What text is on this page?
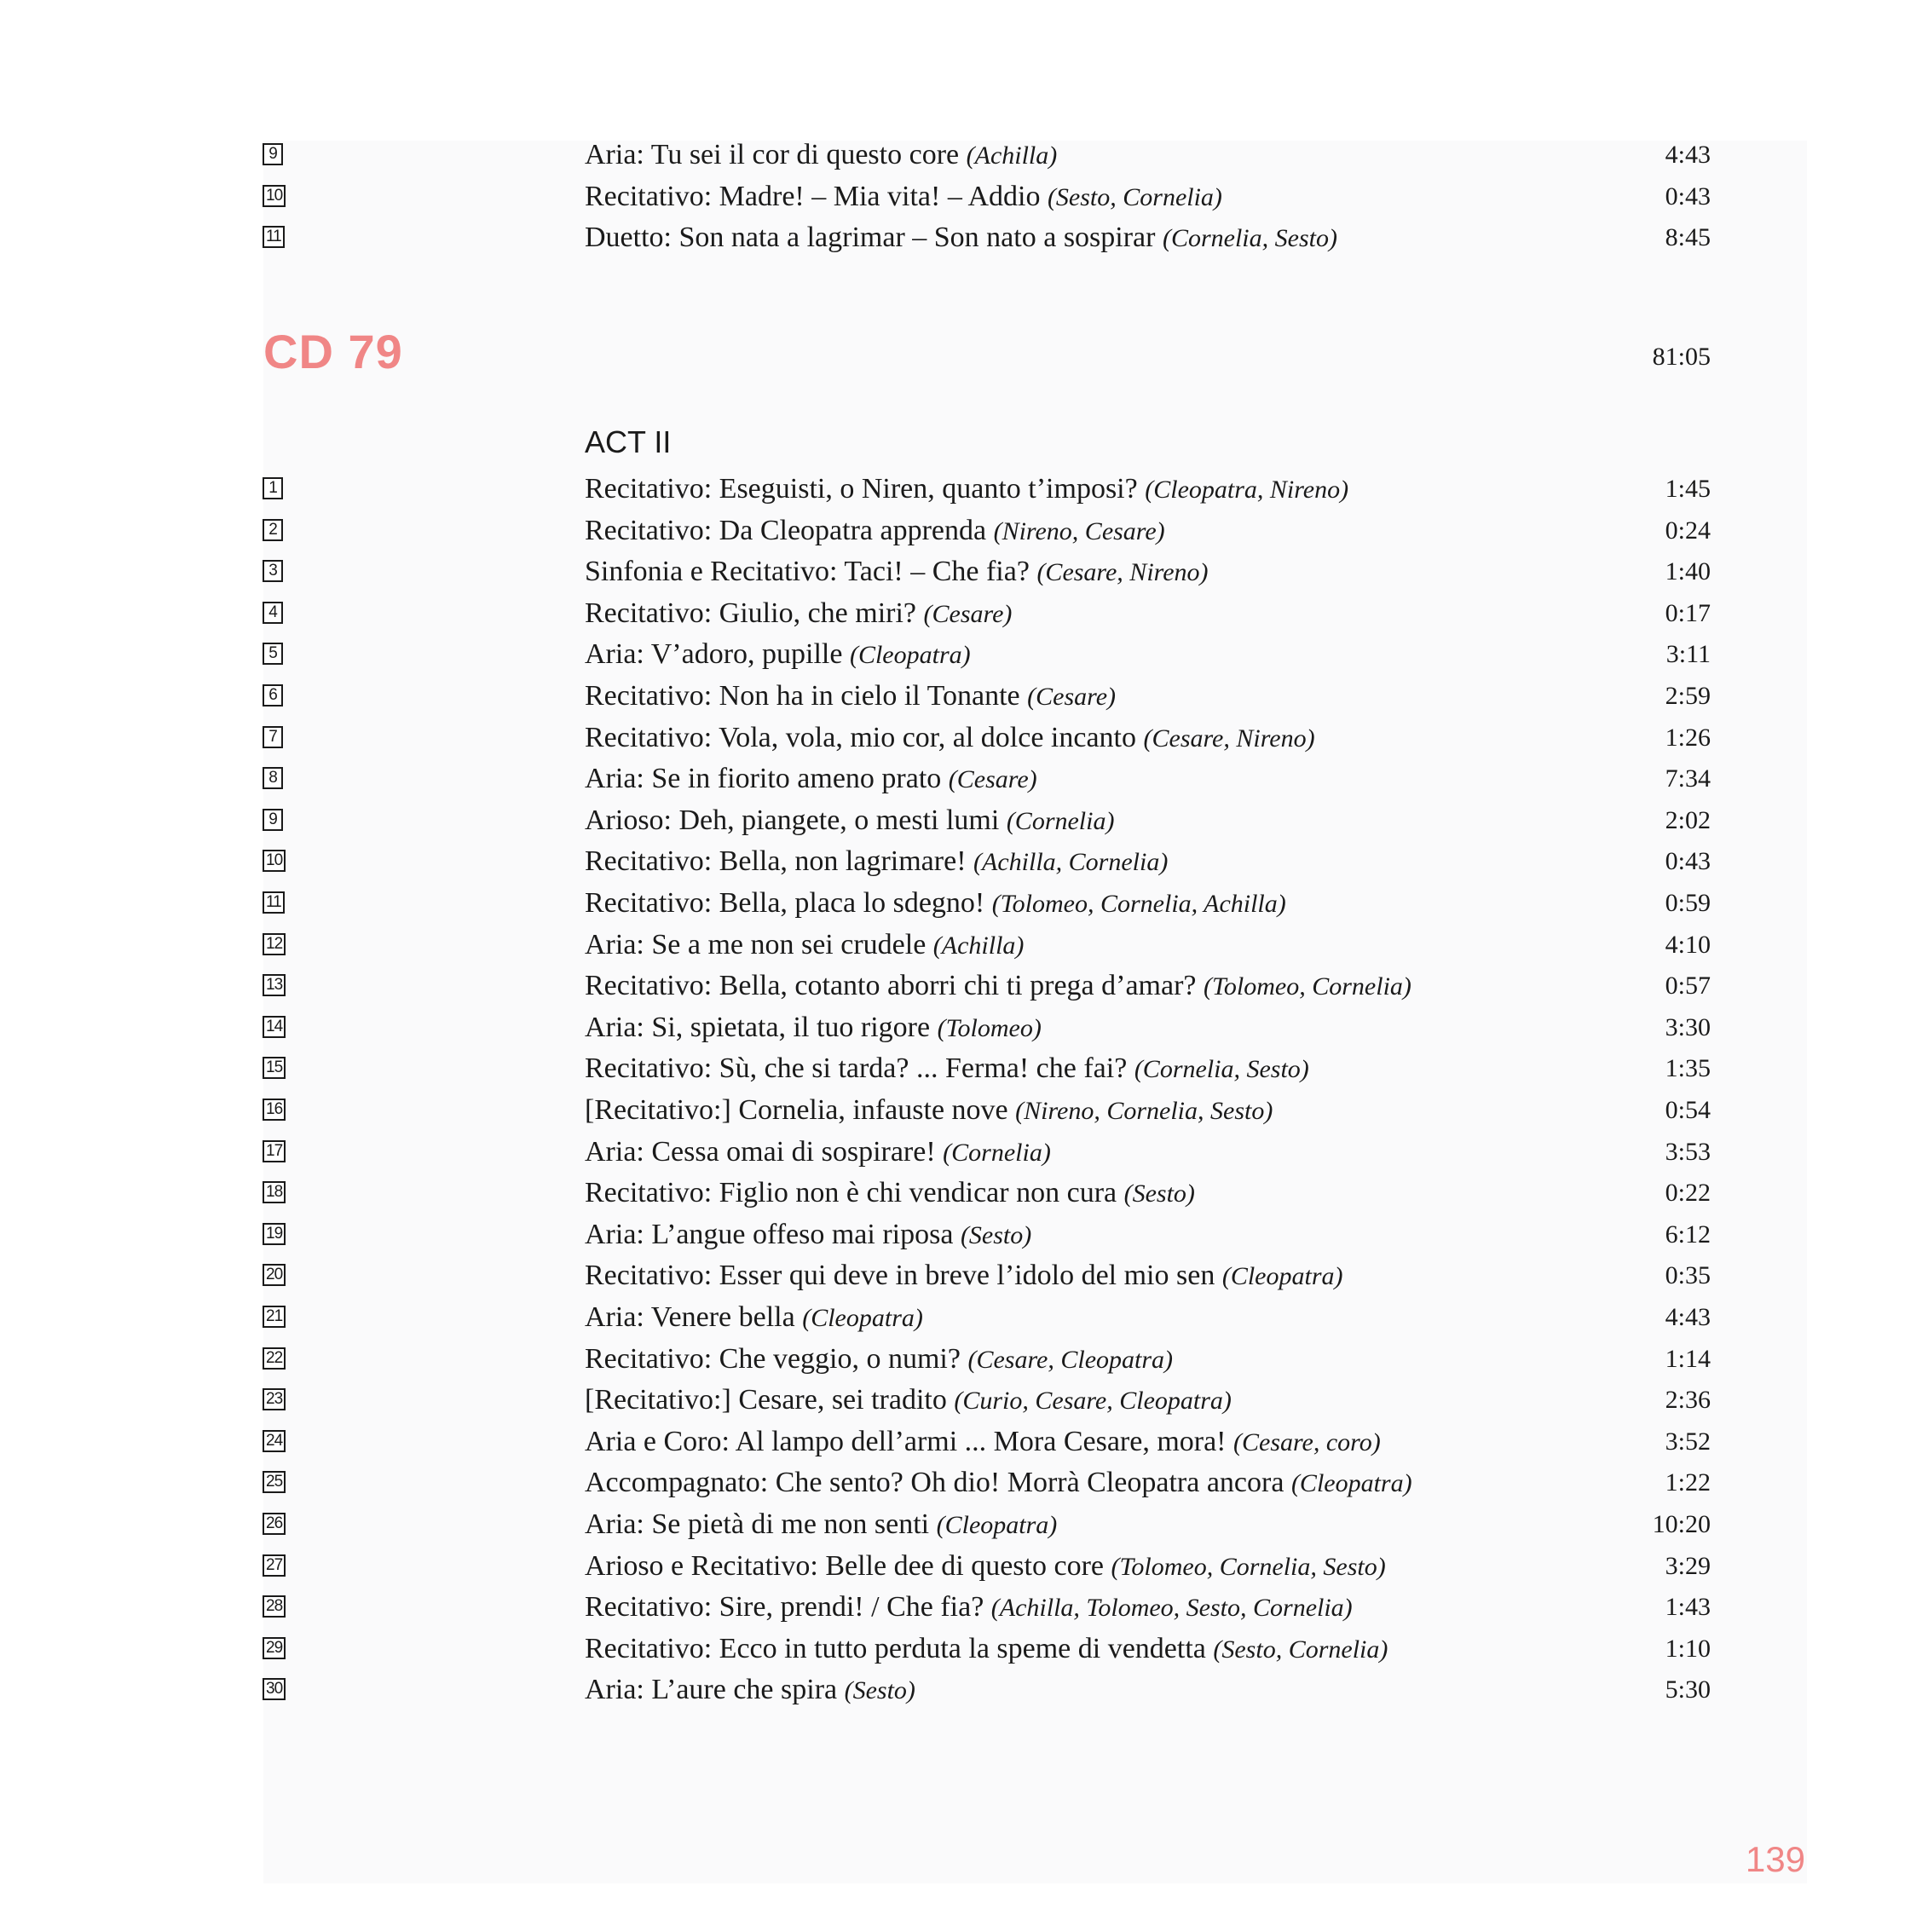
9	Aria: Tu sei il cor di questo core (Achilla)	4:43
10	Recitativo: Madre! – Mia vita! – Addio (Sesto, Cornelia)	0:43
11	Duetto: Son nata a lagrimar – Son nato a sospirar (Cornelia, Sesto)	8:45
CD 79	81:05
ACT II
1	Recitativo: Eseguisti, o Niren, quanto t’imposi? (Cleopatra, Nireno)	1:45
2	Recitativo: Da Cleopatra apprenda (Nireno, Cesare)	0:24
3	Sinfonia e Recitativo: Taci! – Che fia? (Cesare, Nireno)	1:40
4	Recitativo: Giulio, che miri? (Cesare)	0:17
5	Aria: V’adoro, pupille (Cleopatra)	3:11
6	Recitativo: Non ha in cielo il Tonante (Cesare)	2:59
7	Recitativo: Vola, vola, mio cor, al dolce incanto (Cesare, Nireno)	1:26
8	Aria: Se in fiorito ameno prato (Cesare)	7:34
9	Arioso: Deh, piangete, o mesti lumi (Cornelia)	2:02
10	Recitativo: Bella, non lagrimare! (Achilla, Cornelia)	0:43
11	Recitativo: Bella, placa lo sdegno! (Tolomeo, Cornelia, Achilla)	0:59
12	Aria: Se a me non sei crudele (Achilla)	4:10
13	Recitativo: Bella, cotanto aborri chi ti prega d’amar? (Tolomeo, Cornelia)	0:57
14	Aria: Si, spietata, il tuo rigore (Tolomeo)	3:30
15	Recitativo: Sù, che si tarda? ... Ferma! che fai? (Cornelia, Sesto)	1:35
16	[Recitativo:] Cornelia, infauste nove (Nireno, Cornelia, Sesto)	0:54
17	Aria: Cessa omai di sospirare! (Cornelia)	3:53
18	Recitativo: Figlio non è chi vendicar non cura (Sesto)	0:22
19	Aria: L’angue offeso mai riposa (Sesto)	6:12
20	Recitativo: Esser qui deve in breve l’idolo del mio sen (Cleopatra)	0:35
21	Aria: Venere bella (Cleopatra)	4:43
22	Recitativo: Che veggio, o numi? (Cesare, Cleopatra)	1:14
23	[Recitativo:] Cesare, sei tradito (Curio, Cesare, Cleopatra)	2:36
24	Aria e Coro: Al lampo dell’armi ... Mora Cesare, mora! (Cesare, coro)	3:52
25	Accompagnato: Che sento? Oh dio! Morrà Cleopatra ancora (Cleopatra)	1:22
26	Aria: Se pietà di me non senti (Cleopatra)	10:20
27	Arioso e Recitativo: Belle dee di questo core (Tolomeo, Cornelia, Sesto)	3:29
28	Recitativo: Sire, prendi! / Che fia? (Achilla, Tolomeo, Sesto, Cornelia)	1:43
29	Recitativo: Ecco in tutto perduta la speme di vendetta (Sesto, Cornelia)	1:10
30	Aria: L’aure che spira (Sesto)	5:30
139
